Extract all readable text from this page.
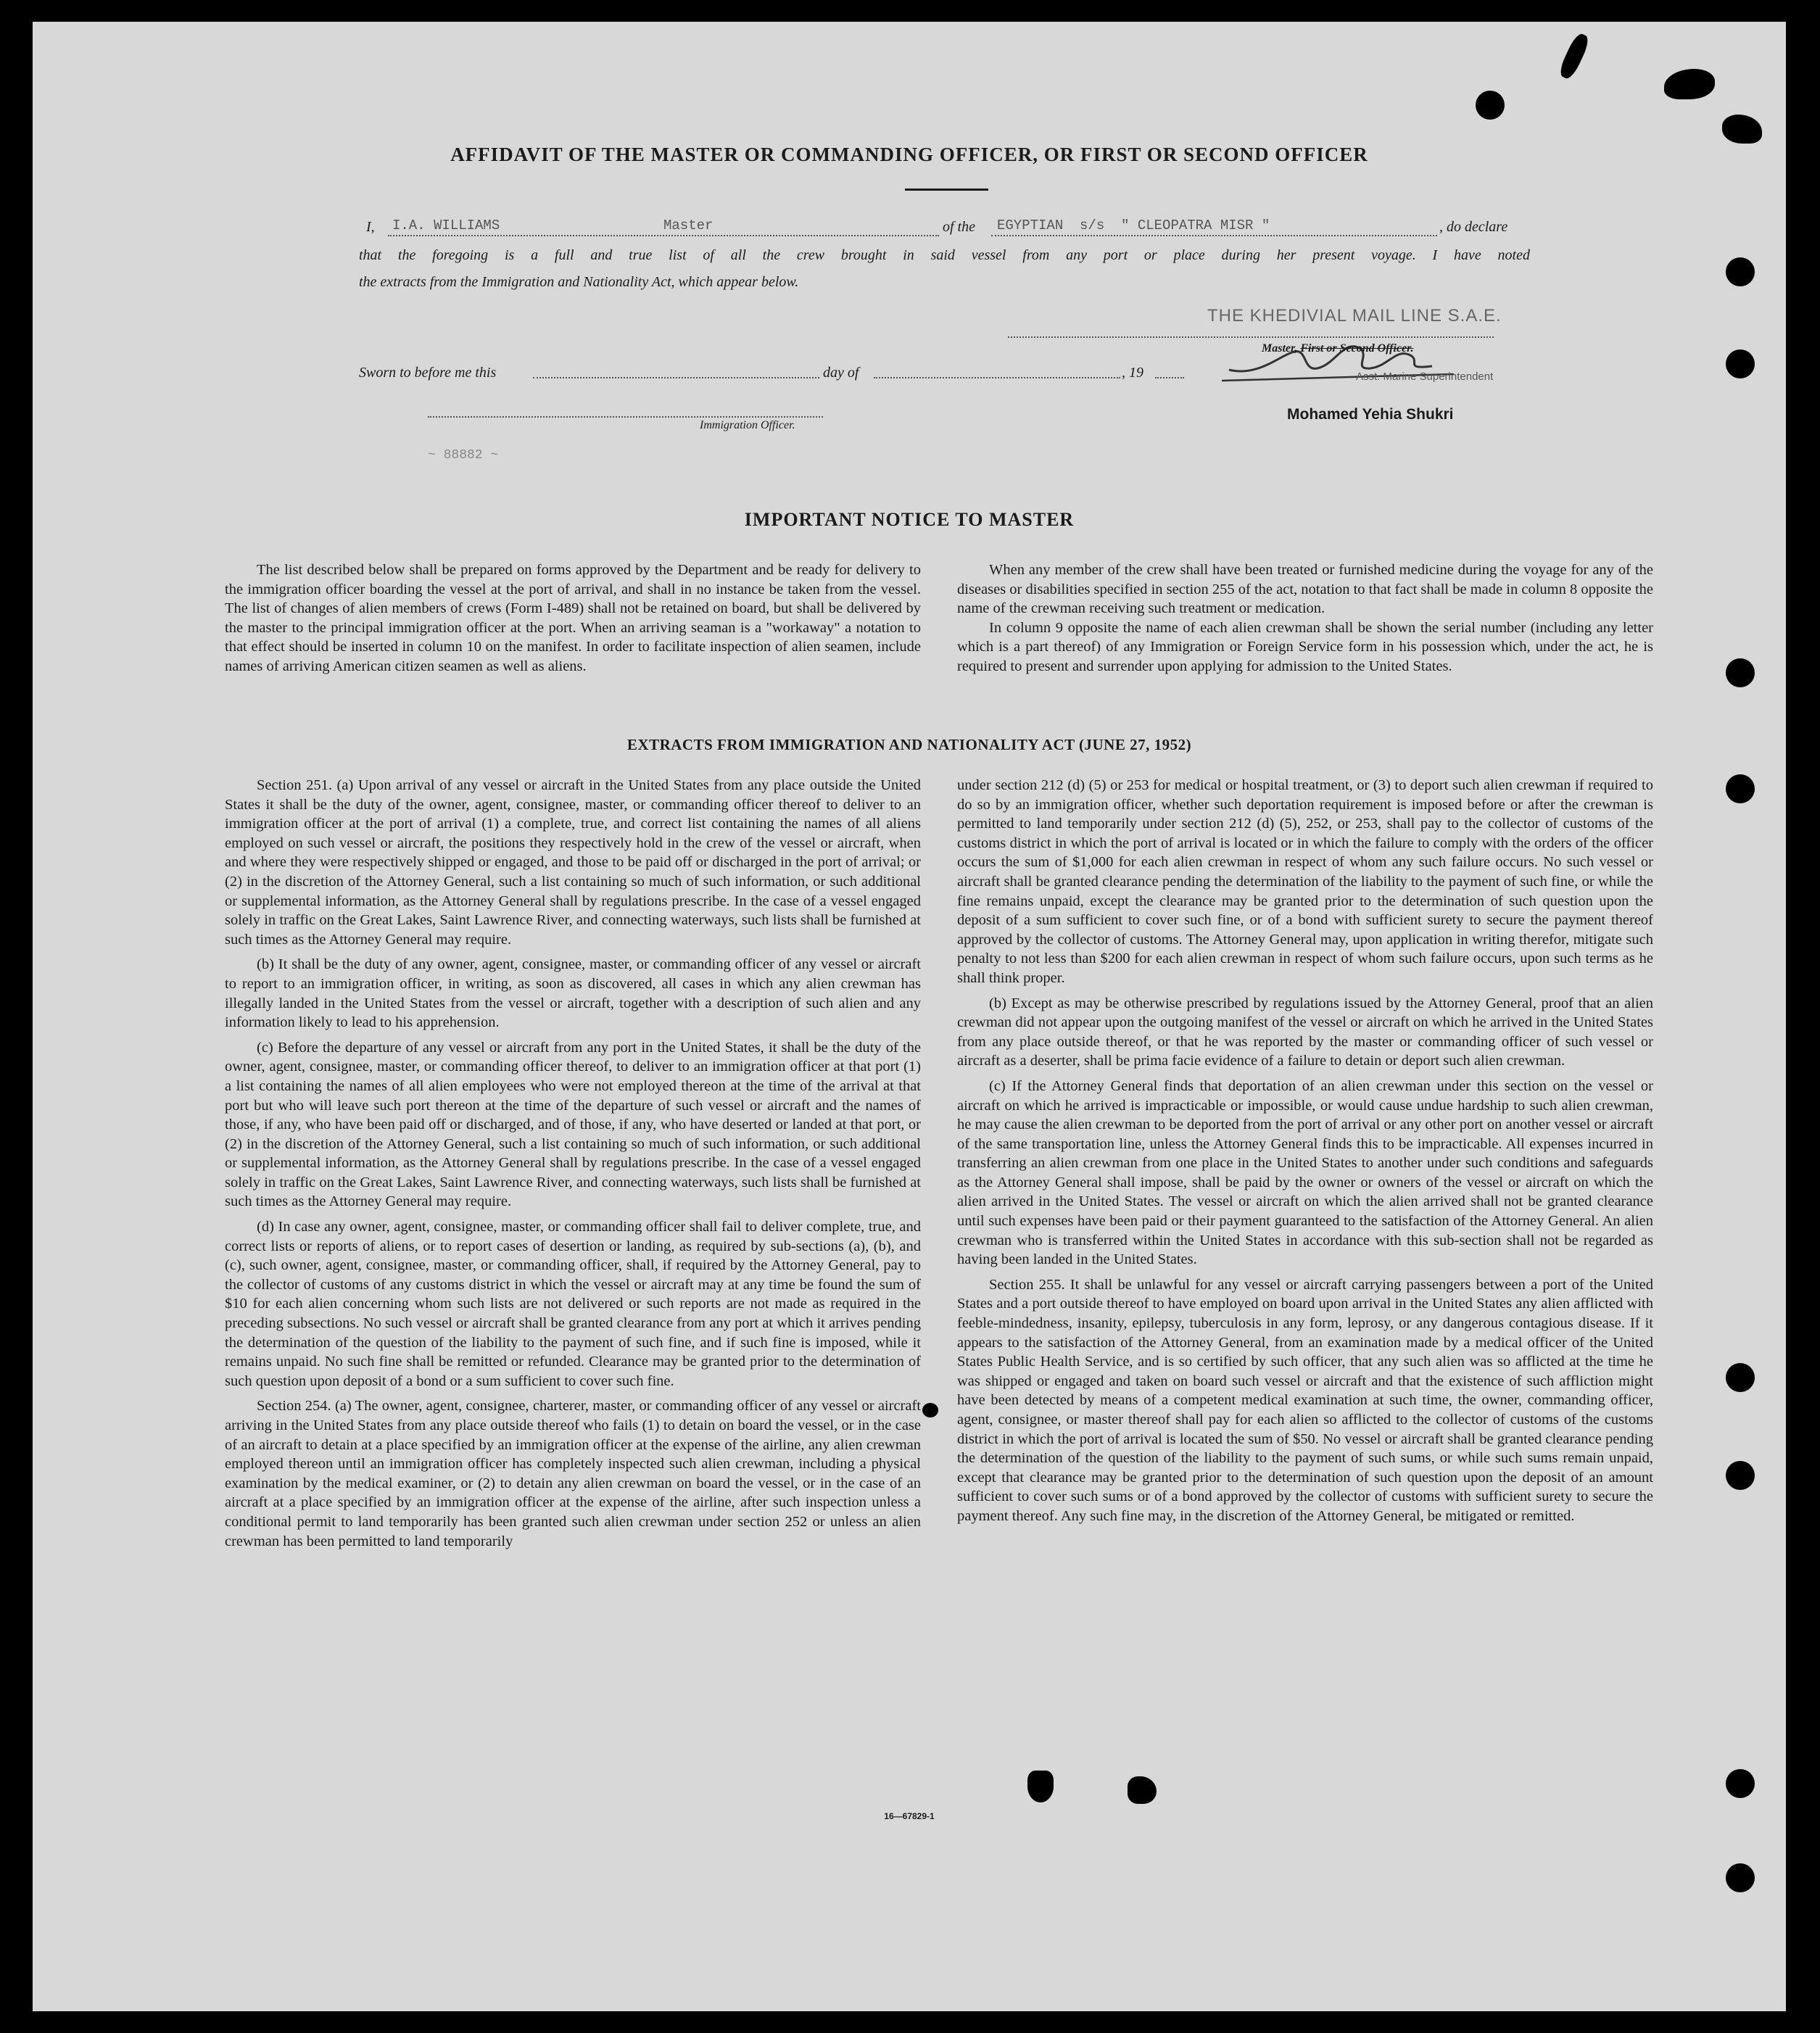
AFFIDAVIT OF THE MASTER OR COMMANDING OFFICER, OR FIRST OR SECOND OFFICER
I, I.A. WILLIAMS	Master	of the EGYPTIAN  s/s  " CLEOPATRA MISR "	, do declare
that the foregoing is a full and true list of all the crew brought in said vessel from any port or place during her present voyage. I have noted
the extracts from the Immigration and Nationality Act, which appear below.
THE KHEDIVIAL MAIL LINE S.A.E.
Master, First or Second Officer.
Sworn to before me this	day of	, 19	Asst. Marine Superintendent
Immigration Officer.
Mohamed Yehia Shukri
~ 88882 ~
IMPORTANT NOTICE TO MASTER

The list described below shall be prepared on forms approved by the Department and be ready for delivery to the immigration officer boarding the vessel at the port of arrival, and shall in no instance be taken from the vessel. The list of changes of alien members of crews (Form I-489) shall not be retained on board, but shall be delivered by the master to the principal immigration officer at the port. When an arriving seaman is a "workaway" a notation to that effect should be inserted in column 10 on the manifest. In order to facilitate inspection of alien seamen, include names of arriving American citizen seamen as well as aliens.

When any member of the crew shall have been treated or furnished medicine during the voyage for any of the diseases or disabilities specified in section 255 of the act, notation to that fact shall be made in column 8 opposite the name of the crewman receiving such treatment or medication.

In column 9 opposite the name of each alien crewman shall be shown the serial number (including any letter which is a part thereof) of any Immigration or Foreign Service form in his possession which, under the act, he is required to present and surrender upon applying for admission to the United States.

EXTRACTS FROM IMMIGRATION AND NATIONALITY ACT (JUNE 27, 1952)

Section 251. (a) Upon arrival of any vessel or aircraft in the United States from any place outside the United States it shall be the duty of the owner, agent, consignee, master, or commanding officer thereof to deliver to an immigration officer at the port of arrival (1) a complete, true, and correct list containing the names of all aliens employed on such vessel or aircraft, the positions they respectively hold in the crew of the vessel or aircraft, when and where they were respectively shipped or engaged, and those to be paid off or discharged in the port of arrival; or (2) in the discretion of the Attorney General, such a list containing so much of such information, or such additional or supplemental information, as the Attorney General shall by regulations prescribe. In the case of a vessel engaged solely in traffic on the Great Lakes, Saint Lawrence River, and connecting waterways, such lists shall be furnished at such times as the Attorney General may require.

(b) It shall be the duty of any owner, agent, consignee, master, or commanding officer of any vessel or aircraft to report to an immigration officer, in writing, as soon as discovered, all cases in which any alien crewman has illegally landed in the United States from the vessel or aircraft, together with a description of such alien and any information likely to lead to his apprehension.

(c) Before the departure of any vessel or aircraft from any port in the United States, it shall be the duty of the owner, agent, consignee, master, or commanding officer thereof, to deliver to an immigration officer at that port (1) a list containing the names of all alien employees who were not employed thereon at the time of the arrival at that port but who will leave such port thereon at the time of the departure of such vessel or aircraft and the names of those, if any, who have been paid off or discharged, and of those, if any, who have deserted or landed at that port, or (2) in the discretion of the Attorney General, such a list containing so much of such information, or such additional or supplemental information, as the Attorney General shall by regulations prescribe. In the case of a vessel engaged solely in traffic on the Great Lakes, Saint Lawrence River, and connecting waterways, such lists shall be furnished at such times as the Attorney General may require.

(d) In case any owner, agent, consignee, master, or commanding officer shall fail to deliver complete, true, and correct lists or reports of aliens, or to report cases of desertion or landing, as required by sub-sections (a), (b), and (c), such owner, agent, consignee, master, or commanding officer, shall, if required by the Attorney General, pay to the collector of customs of any customs district in which the vessel or aircraft may at any time be found the sum of $10 for each alien concerning whom such lists are not delivered or such reports are not made as required in the preceding subsections. No such vessel or aircraft shall be granted clearance from any port at which it arrives pending the determination of the question of the liability to the payment of such fine, and if such fine is imposed, while it remains unpaid. No such fine shall be remitted or refunded. Clearance may be granted prior to the determination of such question upon deposit of a bond or a sum sufficient to cover such fine.

Section 254. (a) The owner, agent, consignee, charterer, master, or commanding officer of any vessel or aircraft arriving in the United States from any place outside thereof who fails (1) to detain on board the vessel, or in the case of an aircraft to detain at a place specified by an immigration officer at the expense of the airline, any alien crewman employed thereon until an immigration officer has completely inspected such alien crewman, including a physical examination by the medical examiner, or (2) to detain any alien crewman on board the vessel, or in the case of an aircraft at a place specified by an immigration officer at the expense of the airline, after such inspection unless a conditional permit to land temporarily has been granted such alien crewman under section 252 or unless an alien crewman has been permitted to land temporarily

under section 212 (d) (5) or 253 for medical or hospital treatment, or (3) to deport such alien crewman if required to do so by an immigration officer, whether such deportation requirement is imposed before or after the crewman is permitted to land temporarily under section 212 (d) (5), 252, or 253, shall pay to the collector of customs of the customs district in which the port of arrival is located or in which the failure to comply with the orders of the officer occurs the sum of $1,000 for each alien crewman in respect of whom any such failure occurs. No such vessel or aircraft shall be granted clearance pending the determination of the liability to the payment of such fine, or while the fine remains unpaid, except the clearance may be granted prior to the determination of such question upon the deposit of a sum sufficient to cover such fine, or of a bond with sufficient surety to secure the payment thereof approved by the collector of customs. The Attorney General may, upon application in writing therefor, mitigate such penalty to not less than $200 for each alien crewman in respect of whom such failure occurs, upon such terms as he shall think proper.

(b) Except as may be otherwise prescribed by regulations issued by the Attorney General, proof that an alien crewman did not appear upon the outgoing manifest of the vessel or aircraft on which he arrived in the United States from any place outside thereof, or that he was reported by the master or commanding officer of such vessel or aircraft as a deserter, shall be prima facie evidence of a failure to detain or deport such alien crewman.

(c) If the Attorney General finds that deportation of an alien crewman under this section on the vessel or aircraft on which he arrived is impracticable or impossible, or would cause undue hardship to such alien crewman, he may cause the alien crewman to be deported from the port of arrival or any other port on another vessel or aircraft of the same transportation line, unless the Attorney General finds this to be impracticable. All expenses incurred in transferring an alien crewman from one place in the United States to another under such conditions and safeguards as the Attorney General shall impose, shall be paid by the owner or owners of the vessel or aircraft on which the alien arrived in the United States. The vessel or aircraft on which the alien arrived shall not be granted clearance until such expenses have been paid or their payment guaranteed to the satisfaction of the Attorney General. An alien crewman who is transferred within the United States in accordance with this sub-section shall not be regarded as having been landed in the United States.

Section 255. It shall be unlawful for any vessel or aircraft carrying passengers between a port of the United States and a port outside thereof to have employed on board upon arrival in the United States any alien afflicted with feeble-mindedness, insanity, epilepsy, tuberculosis in any form, leprosy, or any dangerous contagious disease. If it appears to the satisfaction of the Attorney General, from an examination made by a medical officer of the United States Public Health Service, and is so certified by such officer, that any such alien was so afflicted at the time he was shipped or engaged and taken on board such vessel or aircraft and that the existence of such affliction might have been detected by means of a competent medical examination at such time, the owner, commanding officer, agent, consignee, or master thereof shall pay for each alien so afflicted to the collector of customs of the customs district in which the port of arrival is located the sum of $50. No vessel or aircraft shall be granted clearance pending the determination of the question of the liability to the payment of such sums, or while such sums remain unpaid, except that clearance may be granted prior to the determination of such question upon the deposit of an amount sufficient to cover such sums or of a bond approved by the collector of customs with sufficient surety to secure the payment thereof. Any such fine may, in the discretion of the Attorney General, be mitigated or remitted.

16—67829-1
